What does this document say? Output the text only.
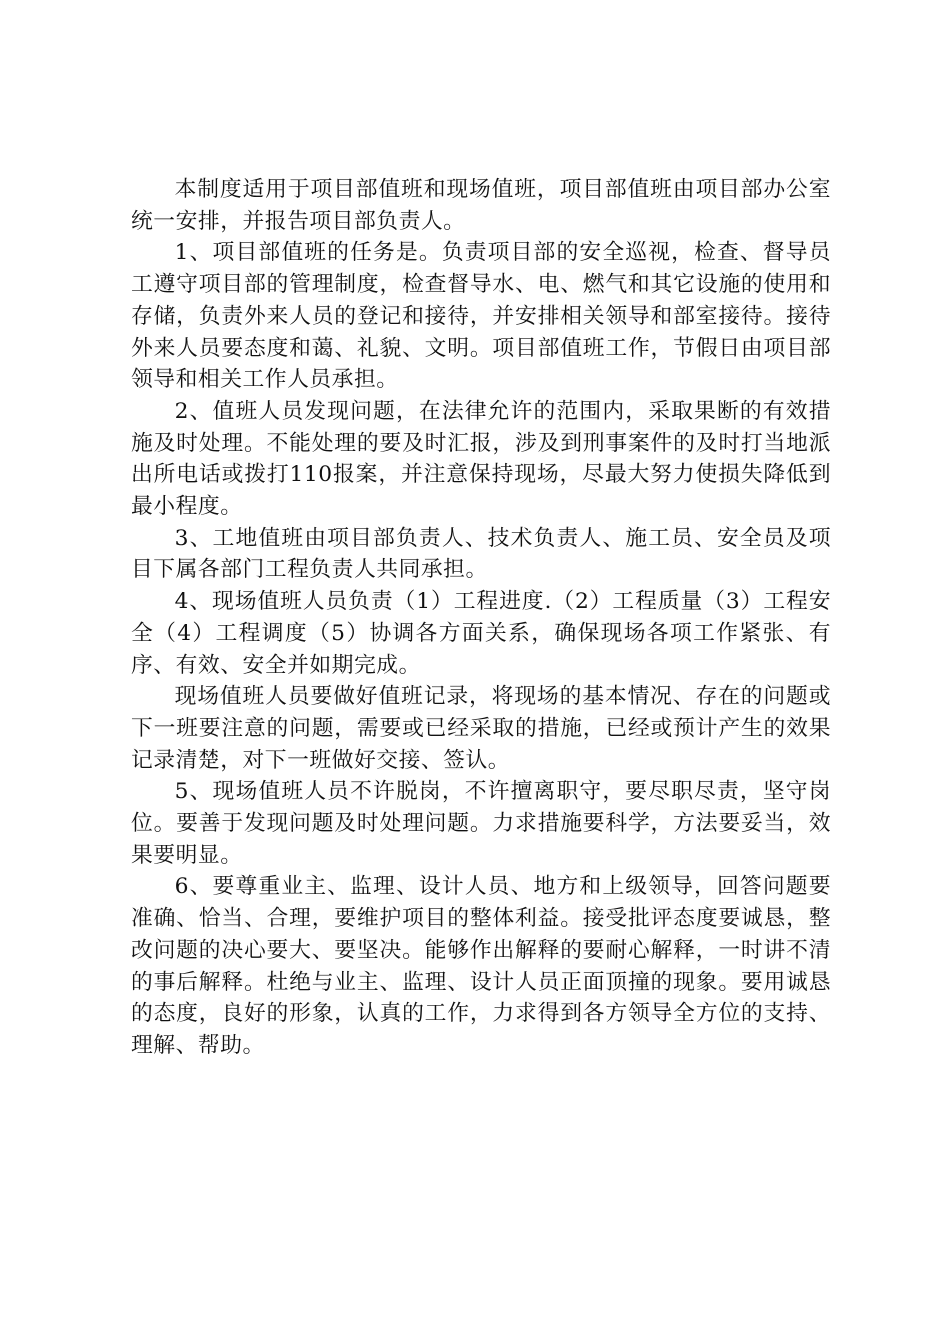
本制度适用于项目部值班和现场值班，项目部值班由项目部办公室统一安排，并报告项目部负责人。

1、项目部值班的任务是。负责项目部的安全巡视，检查、督导员工遵守项目部的管理制度，检查督导水、电、燃气和其它设施的使用和存储，负责外来人员的登记和接待，并安排相关领导和部室接待。接待外来人员要态度和蔼、礼貌、文明。项目部值班工作，节假日由项目部领导和相关工作人员承担。

2、值班人员发现问题，在法律允许的范围内，采取果断的有效措施及时处理。不能处理的要及时汇报，涉及到刑事案件的及时打当地派出所电话或拨打110报案，并注意保持现场，尽最大努力使损失降低到最小程度。

3、工地值班由项目部负责人、技术负责人、施工员、安全员及项目下属各部门工程负责人共同承担。

4、现场值班人员负责（1）工程进度.（2）工程质量（3）工程安全（4）工程调度（5）协调各方面关系，确保现场各项工作紧张、有序、有效、安全并如期完成。

现场值班人员要做好值班记录，将现场的基本情况、存在的问题或下一班要注意的问题，需要或已经采取的措施，已经或预计产生的效果记录清楚，对下一班做好交接、签认。

5、现场值班人员不许脱岗，不许擅离职守，要尽职尽责，坚守岗位。要善于发现问题及时处理问题。力求措施要科学，方法要妥当，效果要明显。

6、要尊重业主、监理、设计人员、地方和上级领导，回答问题要准确、恰当、合理，要维护项目的整体利益。接受批评态度要诚恳，整改问题的决心要大、要坚决。能够作出解释的要耐心解释，一时讲不清的事后解释。杜绝与业主、监理、设计人员正面顶撞的现象。要用诚恳的态度，良好的形象，认真的工作，力求得到各方领导全方位的支持、理解、帮助。
